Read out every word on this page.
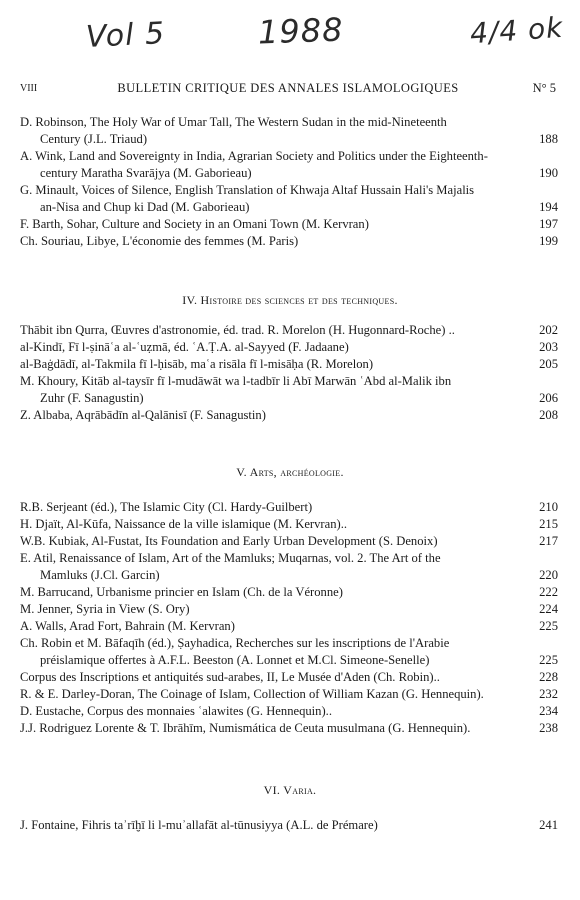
Vol 5	1988	4/4 ok
VIII	BULLETIN CRITIQUE DES ANNALES ISLAMOLOGIQUES	N° 5
D. Robinson, The Holy War of Umar Tall, The Western Sudan in the mid-Nineteenth
Century (J.L. Triaud)	188
A. Wink, Land and Sovereignty in India, Agrarian Society and Politics under the Eighteenth-
century Maratha Svarājya (M. Gaborieau)	190
G. Minault, Voices of Silence, English Translation of Khwaja Altaf Hussain Hali's Majalis
an-Nisa and Chup ki Dad (M. Gaborieau)	194
F. Barth, Sohar, Culture and Society in an Omani Town (M. Kervran)	197
Ch. Souriau, Libye, L'économie des femmes (M. Paris)	199
IV. Histoire des sciences et des techniques.
Thābit ibn Qurra, Œuvres d'astronomie, éd. trad. R. Morelon (H. Hugonnard-Roche) ..	202
al-Kindī, Fī l-ṣināʿa al-ʿuẓmā, éd. ʿA.Ṭ.A. al-Sayyed (F. Jadaane)	203
al-Baġdādī, al-Takmila fī l-ḥisāb, maʿa risāla fī l-misāḥa (R. Morelon)	205
M. Khoury, Kitāb al-taysīr fī l-mudāwāt wa l-tadbīr li Abī Marwān ʿAbd al-Malik ibn
Zuhr (F. Sanagustin)	206
Z. Albaba, Aqrābādīn al-Qalānisī (F. Sanagustin)	208
V. Arts, archéologie.
R.B. Serjeant (éd.), The Islamic City (Cl. Hardy-Guilbert)	210
H. Djaït, Al-Kūfa, Naissance de la ville islamique (M. Kervran)..	215
W.B. Kubiak, Al-Fustat, Its Foundation and Early Urban Development (S. Denoix)	217
E. Atil, Renaissance of Islam, Art of the Mamluks; Muqarnas, vol. 2. The Art of the
Mamluks (J.Cl. Garcin)	220
M. Barrucand, Urbanisme princier en Islam (Ch. de la Véronne)	222
M. Jenner, Syria in View (S. Ory)	224
A. Walls, Arad Fort, Bahrain (M. Kervran)	225
Ch. Robin et M. Bāfaqīh (éd.), Ṣayhadica, Recherches sur les inscriptions de l'Arabie
préislamique offertes à A.F.L. Beeston (A. Lonnet et M.Cl. Simeone-Senelle)	225
Corpus des Inscriptions et antiquités sud-arabes, II, Le Musée d'Aden (Ch. Robin)..	228
R. & E. Darley-Doran, The Coinage of Islam, Collection of William Kazan (G. Hennequin).	232
D. Eustache, Corpus des monnaies ʿalawites (G. Hennequin)..	234
J.J. Rodriguez Lorente & T. Ibrāhīm, Numismática de Ceuta musulmana (G. Hennequin).	238
VI. Varia.
J. Fontaine, Fihris taʾrīḫī li l-muʾallafāt al-tūnusiyya (A.L. de Prémare)	241
